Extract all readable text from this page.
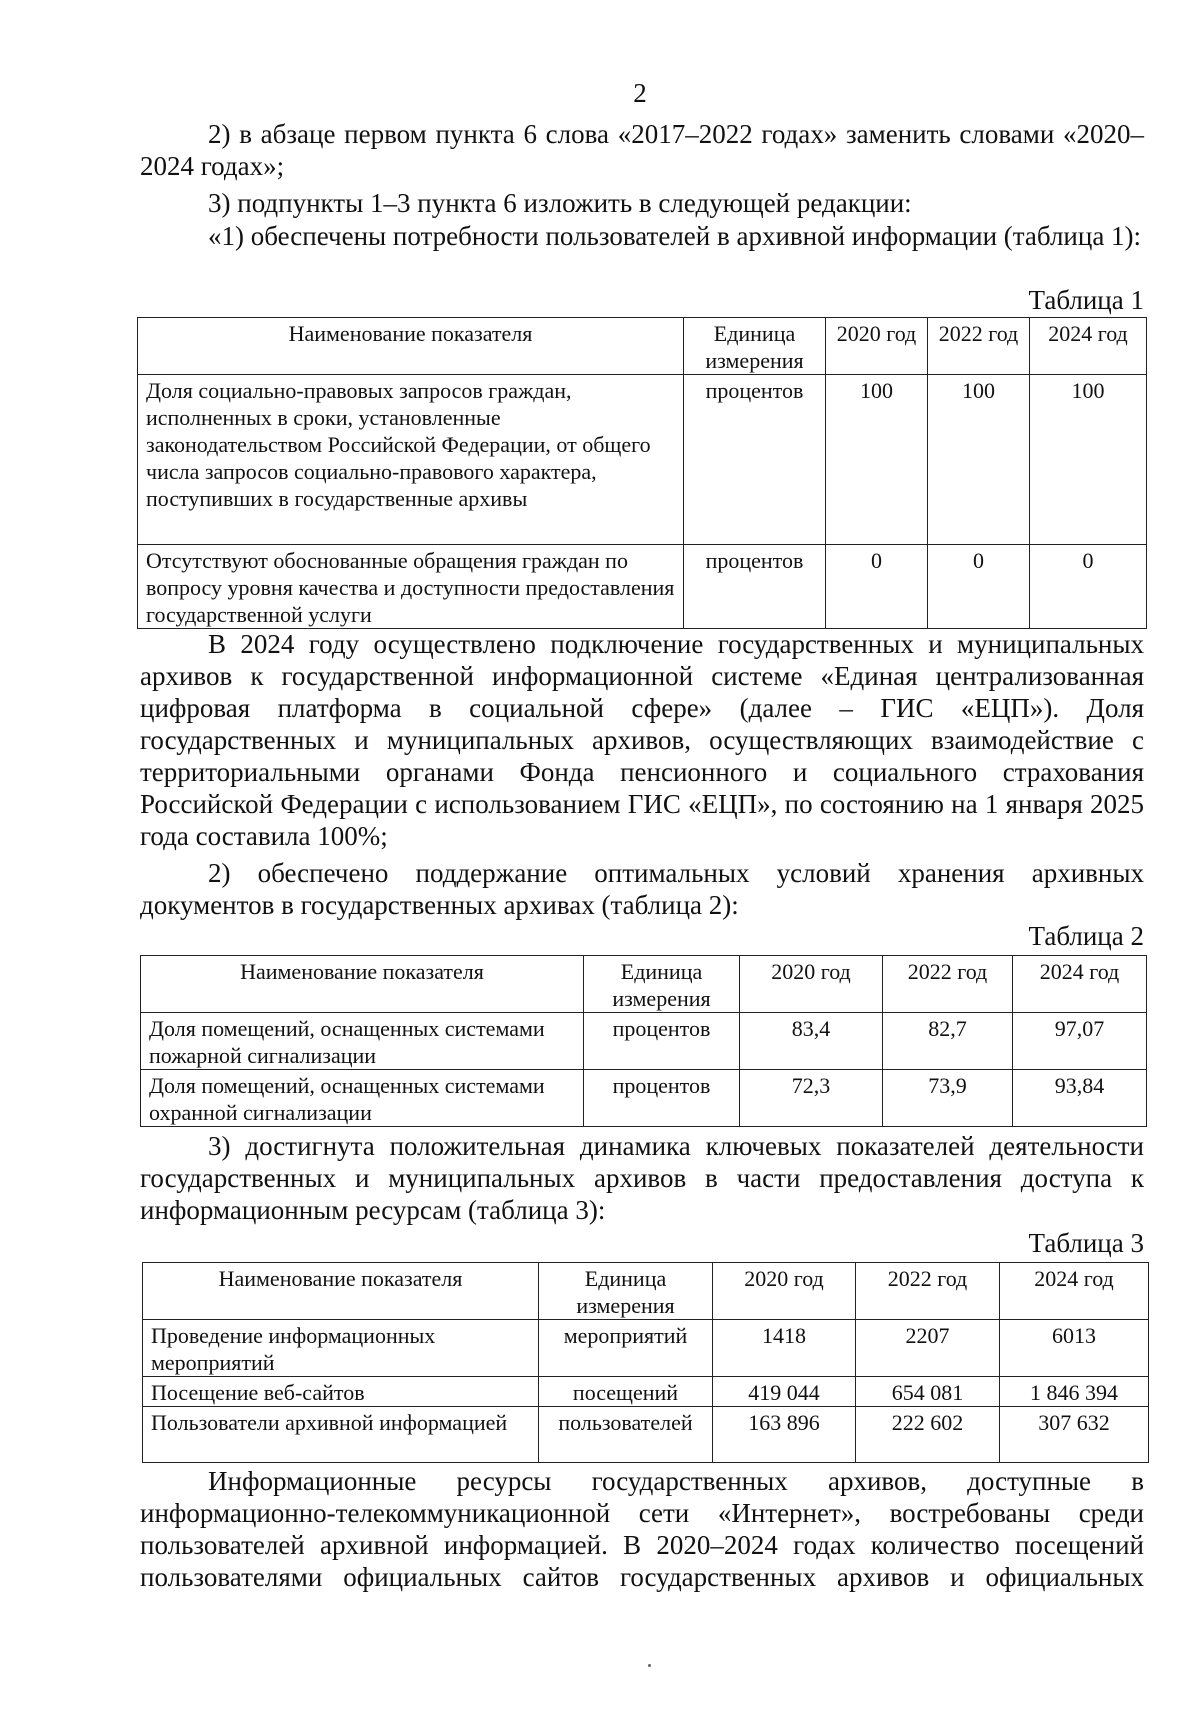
2
2) в абзаце первом пункта 6 слова «2017–2022 годах» заменить словами «2020–2024 годах»;
3) подпункты 1–3 пункта 6 изложить в следующей редакции:
«1) обеспечены потребности пользователей в архивной информации (таблица 1):
Таблица 1
Наименование показателя	Единица измерения	2020 год	2022 год	2024 год
Доля социально-правовых запросов граждан, исполненных в сроки, установленные законодательством Российской Федерации, от общего числа запросов социально-правового характера, поступивших в государственные архивы	процентов	100	100	100
Отсутствуют обоснованные обращения граждан по вопросу уровня качества и доступности предоставления государственной услуги	процентов	0	0	0
В 2024 году осуществлено подключение государственных и муниципальных архивов к государственной информационной системе «Единая централизованная цифровая платформа в социальной сфере» (далее – ГИС «ЕЦП»). Доля государственных и муниципальных архивов, осуществляющих взаимодействие с территориальными органами Фонда пенсионного и социального страхования Российской Федерации с использованием ГИС «ЕЦП», по состоянию на 1 января 2025 года составила 100%;
2) обеспечено поддержание оптимальных условий хранения архивных документов в государственных архивах (таблица 2):
Таблица 2
Наименование показателя	Единица измерения	2020 год	2022 год	2024 год
Доля помещений, оснащенных системами пожарной сигнализации	процентов	83,4	82,7	97,07
Доля помещений, оснащенных системами охранной сигнализации	процентов	72,3	73,9	93,84
3) достигнута положительная динамика ключевых показателей деятельности государственных и муниципальных архивов в части предоставления доступа к информационным ресурсам (таблица 3):
Таблица 3
Наименование показателя	Единица измерения	2020 год	2022 год	2024 год
Проведение информационных мероприятий	мероприятий	1418	2207	6013
Посещение веб-сайтов	посещений	419 044	654 081	1 846 394
Пользователи архивной информацией	пользователей	163 896	222 602	307 632
Информационные ресурсы государственных архивов, доступные в информационно-телекоммуникационной сети «Интернет», востребованы среди пользователей архивной информацией. В 2020–2024 годах количество посещений пользователями официальных сайтов государственных архивов и официальных
